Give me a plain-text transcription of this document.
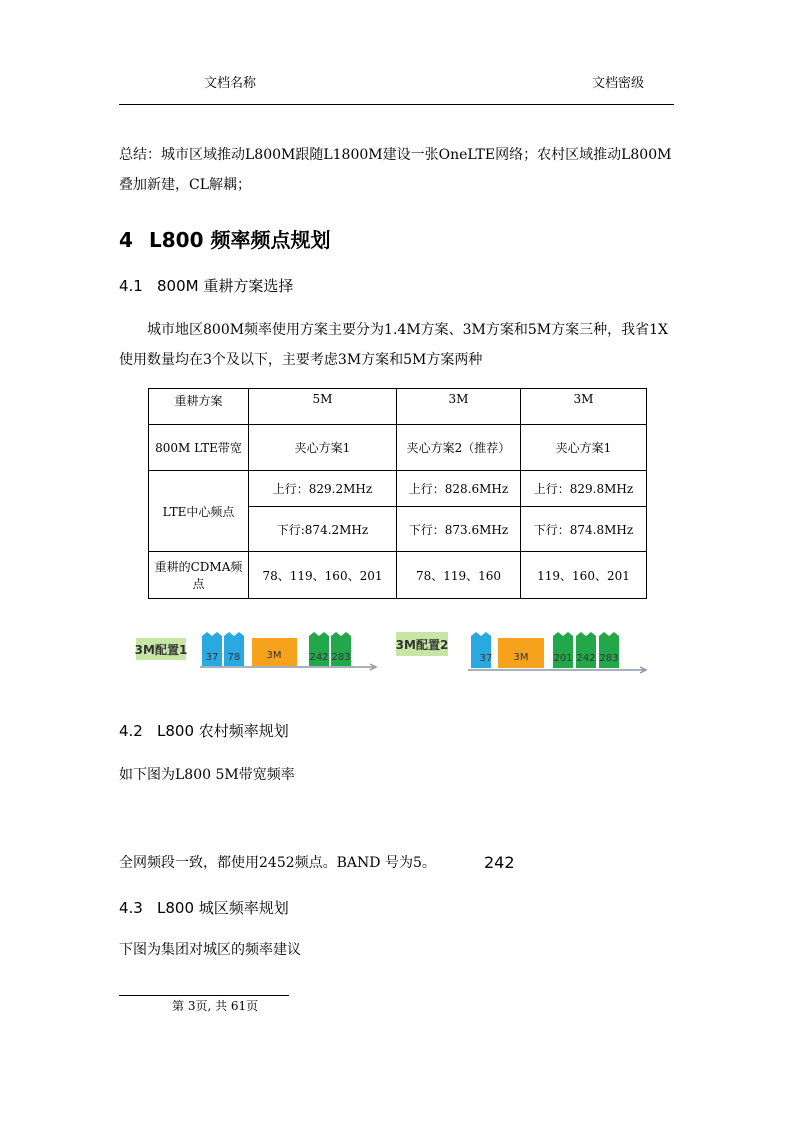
文档名称	文档密级
总结：城市区域推动L800M跟随L1800M建设一张OneLTE网络；农村区域推动L800M叠加新建，CL解耦；
4 L800 频率频点规划
4.1 800M 重耕方案选择
城市地区800M频率使用方案主要分为1.4M方案、3M方案和5M方案三种，我省1X使用数量均在3个及以下，主要考虑3M方案和5M方案两种
重耕方案	5M	3M	3M
800M LTE带宽	夹心方案1	夹心方案2（推荐）	夹心方案1
LTE中心频点	上行：829.2MHz	上行：828.6MHz	上行：829.8MHz
	下行:874.2MHz	下行：873.6MHz	下行：874.8MHz
重耕的CDMA频点	78、119、160、201	78、119、160	119、160、201
3M配置1
37 78	3M	242 283
3M配置2
37 3M 201 242 283
4.2 L800 农村频率规划
如下图为L800 5M带宽频率
全网频段一致，都使用2452频点。BAND 号为5。	242
4.3 L800 城区频率规划
下图为集团对城区的频率建议
第 3页, 共 61页
